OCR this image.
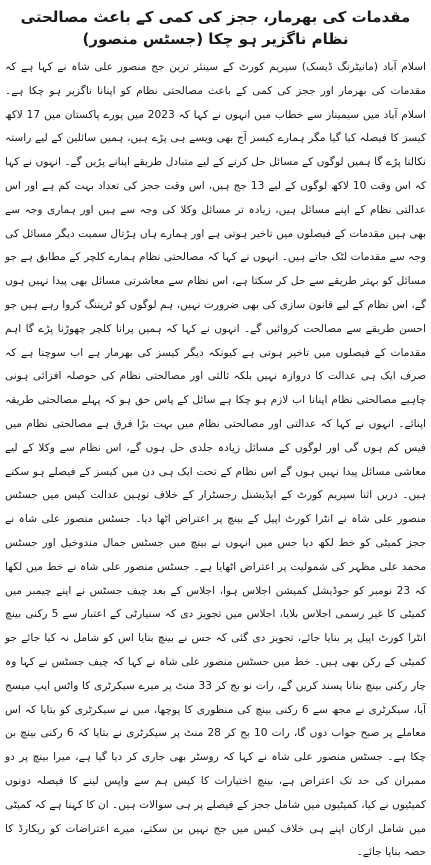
مقدمات کی بھرمار، ججز کی کمی کے باعث مصالحتی نظام ناگزیر ہو چکا (جسٹس منصور)

اسلام آباد (مانیٹرنگ ڈیسک) سپریم کورٹ کے سینئر ترین جج منصور علی شاہ نے کہا ہے کہ مقدمات کی بھرمار اور ججز کی کمی کے باعث مصالحتی نظام کو اپنانا ناگزیر ہو چکا ہے۔ اسلام آباد میں سیمینار سے خطاب میں انہوں نے کہا کہ 2023 میں پورے پاکستان میں 17 لاکھ کیسز کا فیصلہ کیا گیا مگر ہمارے کیسز آج بھی ویسے ہی پڑے ہیں، ہمیں سائلین کے لیے راستہ نکالنا پڑے گا ہمیں لوگوں کے مسائل حل کرنے کے لیے متبادل طریقے اپنانے پڑیں گے۔ انہوں نے کہا کہ اس وقت 10 لاکھ لوگوں کے لیے 13 جج ہیں، اس وقت ججز کی تعداد بہت کم ہے اور اس عدالتی نظام کے اپنے مسائل ہیں، زیادہ تر مسائل وکلا کی وجہ سے ہیں اور ہماری وجہ سے بھی ہیں مقدمات کے فیصلوں میں تاخیر ہوتی ہے اور ہمارے ہاں ہڑتال سمیت دیگر مسائل کی وجہ سے مقدمات لٹک جاتے ہیں۔ انہوں نے کہا کہ مصالحتی نظام ہمارے کلچر کے مطابق ہے جو مسائل کو بہتر طریقے سے حل کر سکتا ہے، اس نظام سے معاشرتی مسائل بھی پیدا نہیں ہوں گے، اس نظام کے لیے قانون سازی کی بھی ضرورت نہیں، ہم لوگوں کو ٹریننگ کروا رہے ہیں جو احسن طریقے سے مصالحت کروائیں گے۔ انہوں نے کہا کہ ہمیں پرانا کلچر چھوڑنا پڑے گا اہم مقدمات کے فیصلوں میں تاخیر ہوتی ہے کیونکہ دیگر کیسز کی بھرمار ہے اب سوچنا ہے کہ صرف ایک ہی عدالت کا دروازہ نہیں بلکہ ثالثی اور مصالحتی نظام کی حوصلہ افزائی ہونی چاہیے مصالحتی نظام اپنانا اب لازم ہو چکا ہے سائل کے پاس حق ہو کہ پہلے مصالحتی طریقہ اپنائے۔ انہوں نے کہا کہ عدالتی اور مصالحتی نظام میں بہت بڑا فرق ہے مصالحتی نظام میں فیس کم ہوں گی اور لوگوں کے مسائل زیادہ جلدی حل ہوں گے، اس نظام سے وکلا کے لیے معاشی مسائل پیدا نہیں ہوں گے اس نظام کے تحت ایک ہی دن میں کیسز کے فیصلے ہو سکتے ہیں۔ دریں اثنا سپریم کورٹ کے ایڈیشنل رجسٹرار کے خلاف توہین عدالت کیس میں جسٹس منصور علی شاہ نے انٹرا کورٹ اپیل کے بینچ پر اعتراض اٹھا دیا۔ جسٹس منصور علی شاہ نے ججز کمیٹی کو خط لکھ دیا جس میں انہوں نے بینچ میں جسٹس جمال مندوخیل اور جسٹس محمد علی مظہر کی شمولیت پر اعتراض اٹھایا ہے۔ جسٹس منصور علی شاہ نے خط میں لکھا کہ 23 نومبر کو جوڈیشل کمیشن اجلاس ہوا، اجلاس کے بعد چیف جسٹس نے اپنے چیمبر میں کمیٹی کا غیر رسمی اجلاس بلایا، اجلاس میں تجویز دی کہ سنیارٹی کے اعتبار سے 5 رکنی بینچ انٹرا کورٹ اپیل پر بنایا جائے، تجویز دی گئی کہ جس نے بینچ بنایا اس کو شامل نہ کیا جائے جو کمیٹی کے رکن بھی ہیں۔ خط میں جسٹس منصور علی شاہ نے کہا کہ چیف جسٹس نے کہا وہ چار رکنی بینچ بنانا پسند کریں گے، رات نو بج کر 33 منٹ پر میرے سیکرٹری کا واٹس ایپ میسج آیا، سیکرٹری نے مجھ سے 6 رکنی بینچ کی منظوری کا پوچھا، میں نے سیکرٹری کو بتایا کہ اس معاملے پر صبح جواب دوں گا، رات 10 بج کر 28 منٹ پر سیکرٹری نے بتایا کہ 6 رکنی بینچ بن چکا ہے۔ جسٹس منصور علی شاہ نے کہا کہ روسٹر بھی جاری کر دیا گیا ہے، میرا بینچ پر دو ممبران کی حد تک اعتراض ہے، بینچ اختیارات کا کیس ہم سے واپس لینے کا فیصلہ دونوں کمیٹیوں نے کیا، کمیٹیوں میں شامل ججز کے فیصلے پر ہی سوالات ہیں۔ ان کا کہنا ہے کہ کمیٹی میں شامل ارکان اپنے ہی خلاف کیس میں جج نہیں بن سکتے، میرے اعتراضات کو ریکارڈ کا حصہ بنایا جائے۔
